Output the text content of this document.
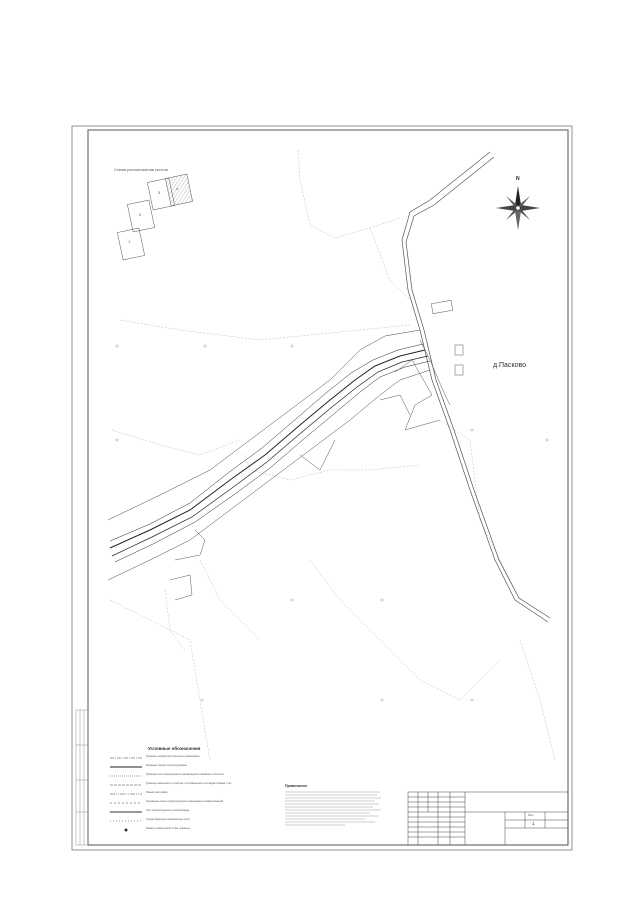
Схема расположения листов
1
2
3
4
N
д.Пасково
Условные обозначения
Граница территории проекта планировки
Красные линии проектируемые
Границы зон планируемого размещения линейного объекта
Граница земельного участка, поставленного на кадастровый учет
Линии застройки
Охранные зоны существующих инженерных коммуникаций
Ось проектируемого газопровода
Существующие инженерные сети
Номер поворотной точки границы
Примечания:
Лист
1
